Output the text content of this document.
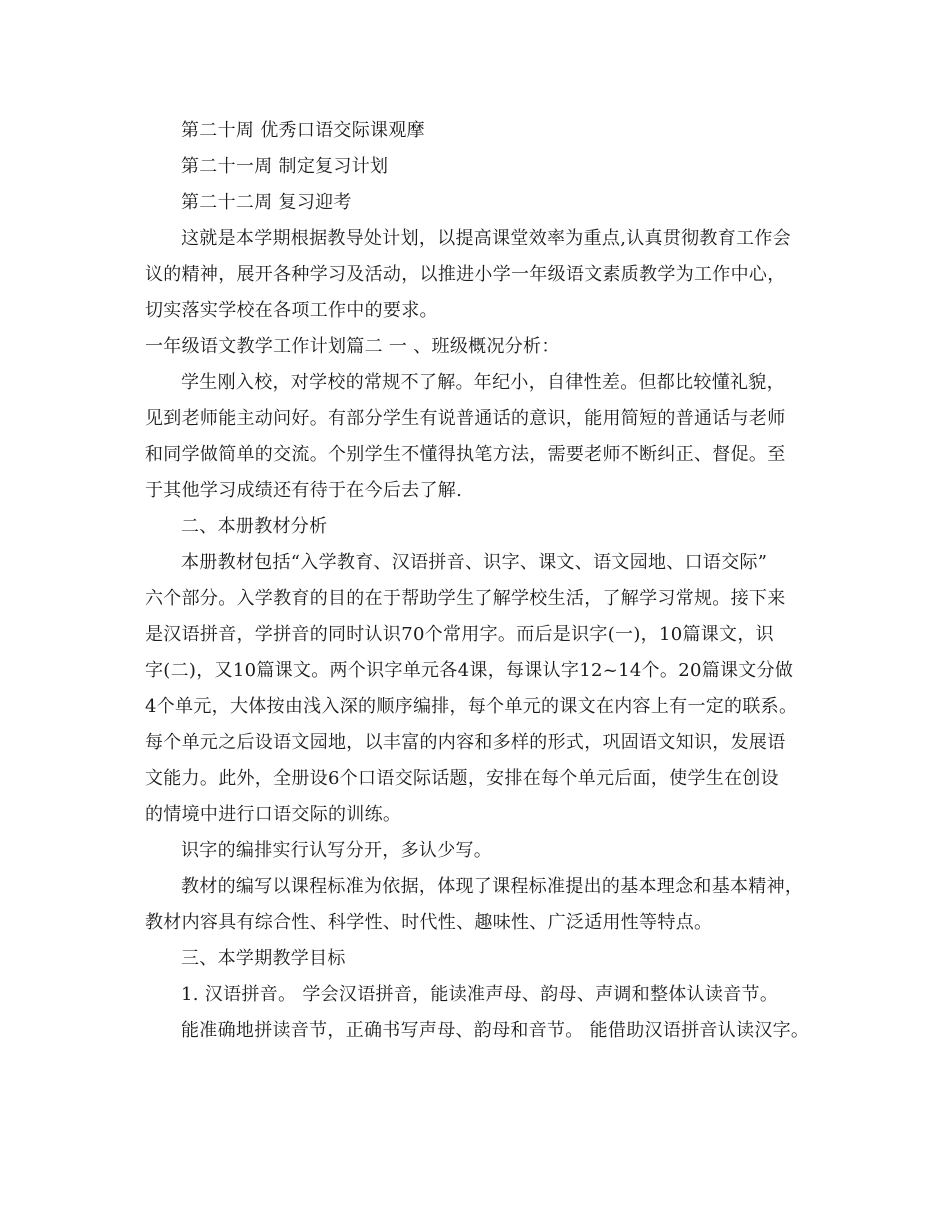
第二十周 优秀口语交际课观摩
第二十一周 制定复习计划
第二十二周 复习迎考
这就是本学期根据教导处计划，以提高课堂效率为重点,认真贯彻教育工作会
议的精神，展开各种学习及活动，以推进小学一年级语文素质教学为工作中心，
切实落实学校在各项工作中的要求。
一年级语文教学工作计划篇二 一 、班级概况分析：
学生刚入校，对学校的常规不了解。年纪小，自律性差。但都比较懂礼貌，
见到老师能主动问好。有部分学生有说普通话的意识，能用简短的普通话与老师
和同学做简单的交流。个别学生不懂得执笔方法，需要老师不断纠正、督促。至
于其他学习成绩还有待于在今后去了解.
二、本册教材分析
本册教材包括“入学教育、汉语拼音、识字、课文、语文园地、口语交际”
六个部分。入学教育的目的在于帮助学生了解学校生活，了解学习常规。接下来
是汉语拼音，学拼音的同时认识70个常用字。而后是识字(一)，10篇课文，识
字(二)，又10篇课文。两个识字单元各4课，每课认字12~14个。20篇课文分做
4个单元，大体按由浅入深的顺序编排，每个单元的课文在内容上有一定的联系。
每个单元之后设语文园地，以丰富的内容和多样的形式，巩固语文知识，发展语
文能力。此外，全册设6个口语交际话题，安排在每个单元后面，使学生在创设
的情境中进行口语交际的训练。
识字的编排实行认写分开，多认少写。
教材的编写以课程标准为依据，体现了课程标准提出的基本理念和基本精神，
教材内容具有综合性、科学性、时代性、趣味性、广泛适用性等特点。
三、本学期教学目标
1. 汉语拼音。 学会汉语拼音，能读准声母、韵母、声调和整体认读音节。
能准确地拼读音节，正确书写声母、韵母和音节。 能借助汉语拼音认读汉字。
